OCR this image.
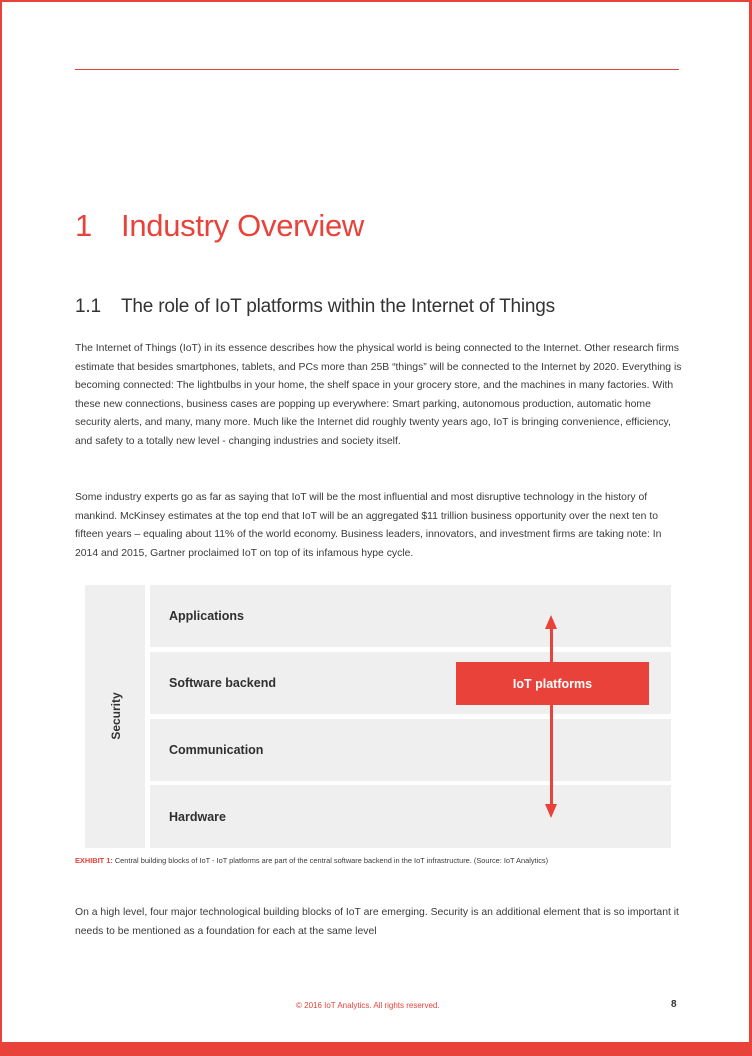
1 Industry Overview
1.1 The role of IoT platforms within the Internet of Things

The Internet of Things (IoT) in its essence describes how the physical world is being connected to the Internet. Other research firms estimate that besides smartphones, tablets, and PCs more than 25B “things” will be connected to the Internet by 2020. Everything is becoming connected: The lightbulbs in your home, the shelf space in your grocery store, and the machines in many factories. With these new connections, business cases are popping up everywhere: Smart parking, autonomous production, automatic home security alerts, and many, many more. Much like the Internet did roughly twenty years ago, IoT is bringing convenience, efficiency, and safety to a totally new level - changing industries and society itself.

Some industry experts go as far as saying that IoT will be the most influential and most disruptive technology in the history of mankind. McKinsey estimates at the top end that IoT will be an aggregated $11 trillion business opportunity over the next ten to fifteen years – equaling about 11% of the world economy. Business leaders, innovators, and investment firms are taking note: In 2014 and 2015, Gartner proclaimed IoT on top of its infamous hype cycle.

Security
Applications
Software backend
Communication
Hardware
IoT platforms
EXHIBIT 1: Central building blocks of IoT - IoT platforms are part of the central software backend in the IoT infrastructure. (Source: IoT Analytics)

On a high level, four major technological building blocks of IoT are emerging. Security is an additional element that is so important it needs to be mentioned as a foundation for each at the same level

© 2016 IoT Analytics. All rights reserved.	8
